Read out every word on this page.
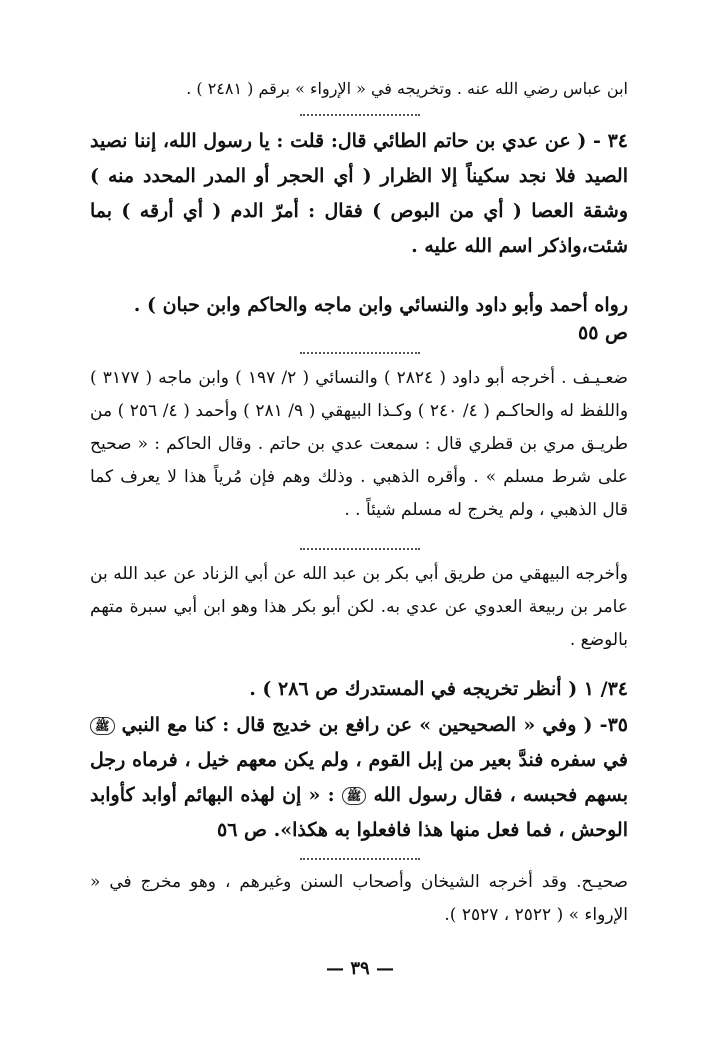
ابن عباس رضي الله عنه . وتخريجه في « الإرواء » برقم ( ٢٤٨١ ) .

٣٤ - ( عن عدي بن حاتم الطائي قال: قلت : يا رسول الله، إننا نصيد الصيد فلا نجد سكيناً إلا الظرار ( أي الحجر أو المدر المحدد منه ) وشقة العصا ( أي من البوص ) فقال : أمرّ الدم ( أي أرقه ) بما شئت،واذكر اسم الله عليه .

رواه أحمد وأبو داود والنسائي وابن ماجه والحاكم وابن حبان ) .

ص ٥٥

ضعـيـف . أخرجه أبو داود ( ٢٨٢٤ ) والنسائي ( ٢/ ١٩٧ ) وابن ماجه ( ٣١٧٧ ) واللفظ له والحاكـم ( ٤/ ٢٤٠ ) وكـذا البيهقي ( ٩/ ٢٨١ ) وأحمد ( ٤/ ٢٥٦ ) من طريـق مري بن قطري قال : سمعت عدي بن حاتم . وقال الحاكم : « صحيح على شرط مسلم » . وأقره الذهبي . وذلك وهم فإن مُرياً هذا لا يعرف كما قال الذهبي ، ولم يخرج له مسلم شيئاً . .

وأخرجه البيهقي من طريق أبي بكر بن عبد الله عن أبي الزناد عن عبد الله بن عامر بن ربيعة العدوي عن عدي به. لكن أبو بكر هذا وهو ابن أبي سبرة متهم بالوضع .

٣٤/ ١ ( أنظر تخريجه في المستدرك ص ٢٨٦ ) .

٣٥- ( وفي « الصحيحين » عن رافع بن خديج قال : كنا مع النبي ﷺ في سفره فندَّ بعير من إبل القوم ، ولم يكن معهم خيل ، فرماه رجل بسهم فحبسه ، فقال رسول الله ﷺ : « إن لهذه البهائم أوابد كأوابد الوحش ، فما فعل منها هذا فافعلوا به هكذا». ص ٥٦

صحيـح. وقد أخرجه الشيخان وأصحاب السنن وغيرهم ، وهو مخرج في « الإرواء » ( ٢٥٢٢ ، ٢٥٢٧ ).

— ٣٩ —
